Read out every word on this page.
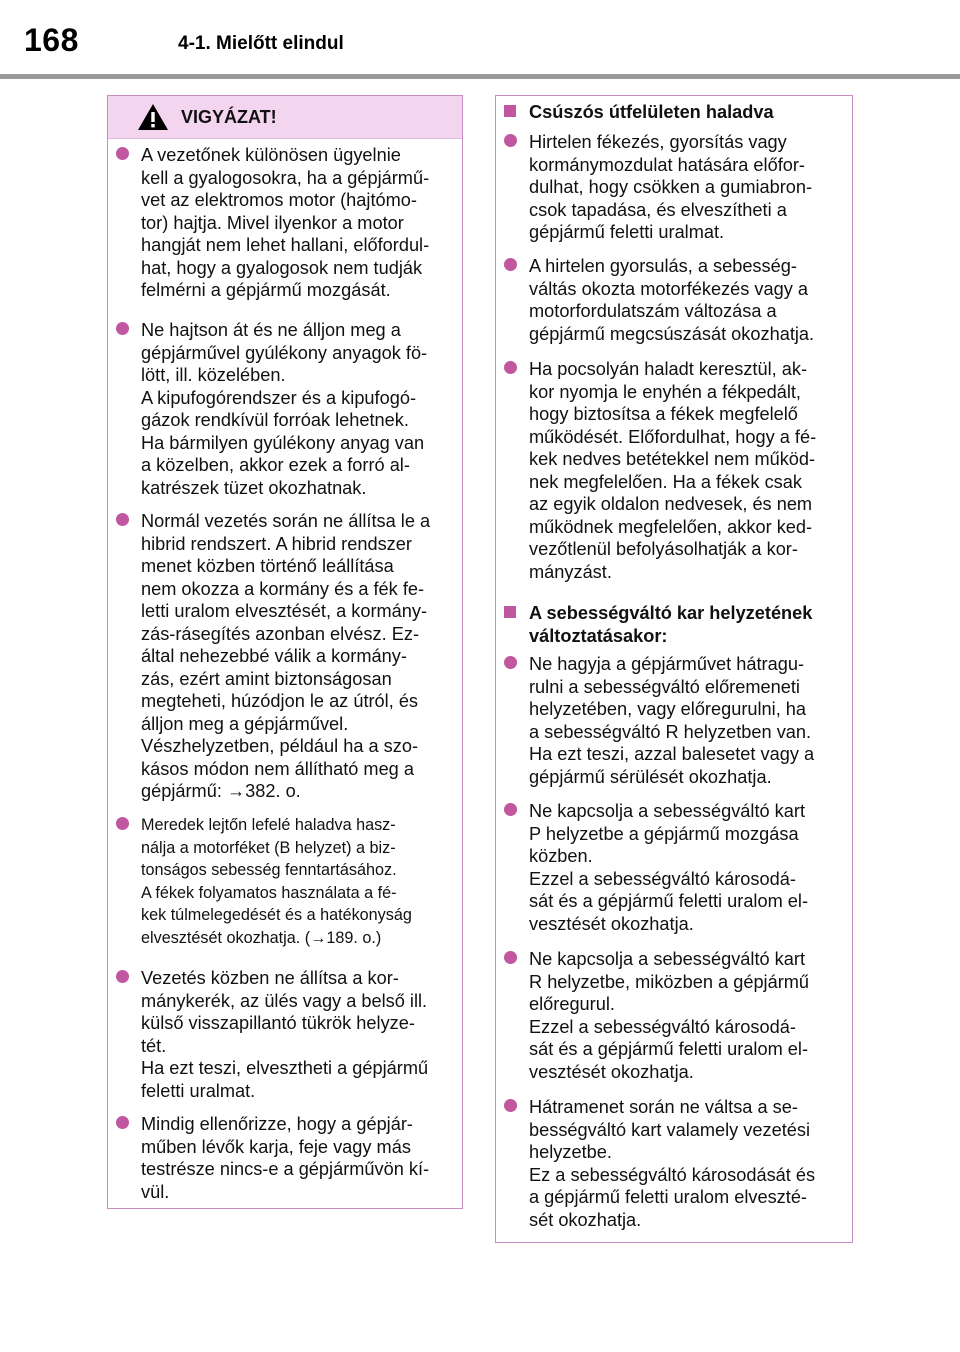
168	4-1. Mielőtt elindul
VIGYÁZAT!
A vezetőnek különösen ügyelnie
kell a gyalogosokra, ha a gépjármű-
vet az elektromos motor (hajtómo-
tor) hajtja. Mivel ilyenkor a motor
hangját nem lehet hallani, előfordul-
hat, hogy a gyalogosok nem tudják
felmérni a gépjármű mozgását.
Ne hajtson át és ne álljon meg a
gépjárművel gyúlékony anyagok fö-
lött, ill. közelében.
A kipufogórendszer és a kipufogó-
gázok rendkívül forróak lehetnek.
Ha bármilyen gyúlékony anyag van
a közelben, akkor ezek a forró al-
katrészek tüzet okozhatnak.
Normál vezetés során ne állítsa le a
hibrid rendszert. A hibrid rendszer
menet közben történő leállítása
nem okozza a kormány és a fék fe-
letti uralom elvesztését, a kormány-
zás-rásegítés azonban elvész. Ez-
által nehezebbé válik a kormány-
zás, ezért amint biztonságosan
megteheti, húzódjon le az útról, és
álljon meg a gépjárművel.
Vészhelyzetben, például ha a szo-
kásos módon nem állítható meg a
gépjármű: →382. o.
Meredek lejtőn lefelé haladva hasz-
nálja a motorféket (B helyzet) a biz-
tonságos sebesség fenntartásához.
A fékek folyamatos használata a fé-
kek túlmelegedését és a hatékonyság
elvesztését okozhatja. (→189. o.)
Vezetés közben ne állítsa a kor-
mánykerék, az ülés vagy a belső ill.
külső visszapillantó tükrök helyze-
tét.
Ha ezt teszi, elvesztheti a gépjármű
feletti uralmat.
Mindig ellenőrizze, hogy a gépjár-
műben lévők karja, feje vagy más
testrésze nincs-e a gépjárművön kí-
vül.
Csúszós útfelületen haladva
Hirtelen fékezés, gyorsítás vagy
kormánymozdulat hatására előfor-
dulhat, hogy csökken a gumiabron-
csok tapadása, és elveszítheti a
gépjármű feletti uralmat.
A hirtelen gyorsulás, a sebesség-
váltás okozta motorfékezés vagy a
motorfordulatszám változása a
gépjármű megcsúszását okozhatja.
Ha pocsolyán haladt keresztül, ak-
kor nyomja le enyhén a fékpedált,
hogy biztosítsa a fékek megfelelő
működését. Előfordulhat, hogy a fé-
kek nedves betétekkel nem működ-
nek megfelelően. Ha a fékek csak
az egyik oldalon nedvesek, és nem
működnek megfelelően, akkor ked-
vezőtlenül befolyásolhatják a kor-
mányzást.
A sebességváltó kar helyzetének
változtatásakor:
Ne hagyja a gépjárművet hátragu-
rulni a sebességváltó előremeneti
helyzetében, vagy előregurulni, ha
a sebességváltó R helyzetben van.
Ha ezt teszi, azzal balesetet vagy a
gépjármű sérülését okozhatja.
Ne kapcsolja a sebességváltó kart
P helyzetbe a gépjármű mozgása
közben.
Ezzel a sebességváltó károsodá-
sát és a gépjármű feletti uralom el-
vesztését okozhatja.
Ne kapcsolja a sebességváltó kart
R helyzetbe, miközben a gépjármű
előregurul.
Ezzel a sebességváltó károsodá-
sát és a gépjármű feletti uralom el-
vesztését okozhatja.
Hátramenet során ne váltsa a se-
bességváltó kart valamely vezetési
helyzetbe.
Ez a sebességváltó károsodását és
a gépjármű feletti uralom elveszté-
sét okozhatja.
